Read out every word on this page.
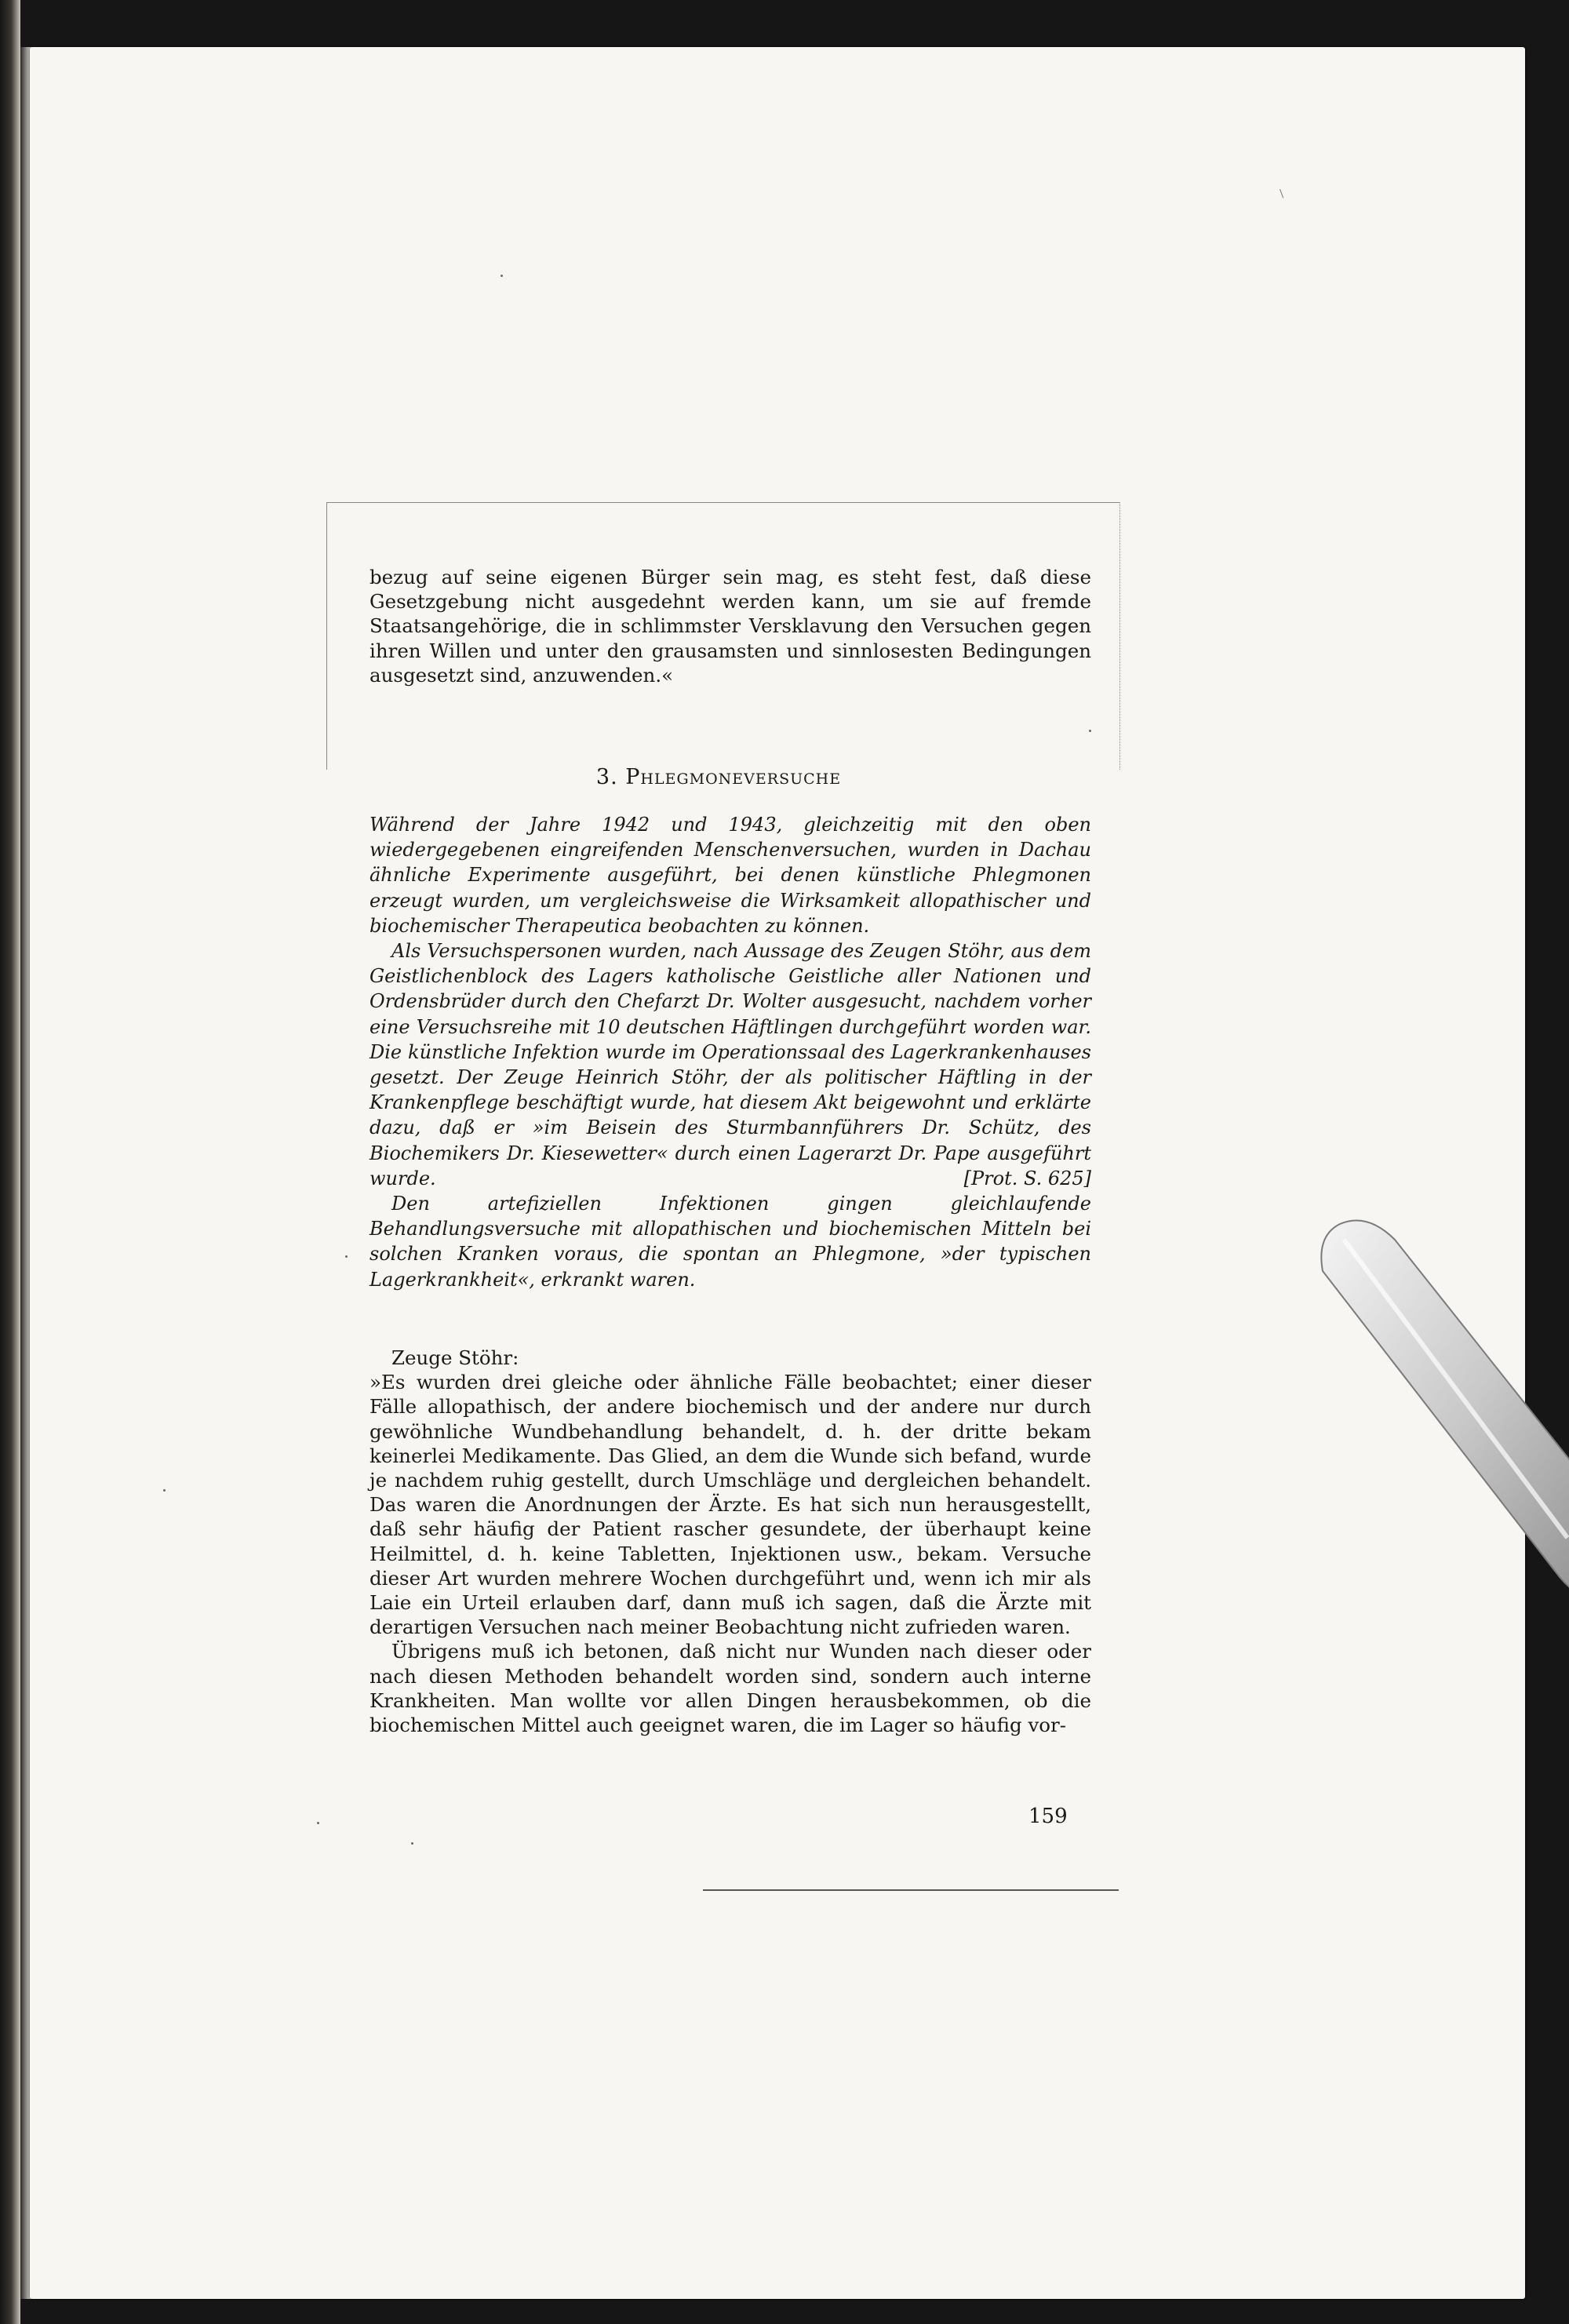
bezug auf seine eigenen Bürger sein mag, es steht fest, daß diese Gesetzgebung nicht ausgedehnt werden kann, um sie auf fremde Staatsangehörige, die in schlimmster Versklavung den Versuchen gegen ihren Willen und unter den grausamsten und sinnlosesten Bedingungen ausgesetzt sind, anzuwenden.«

3. Phlegmoneversuche

Während der Jahre 1942 und 1943, gleichzeitig mit den oben wiedergegebenen eingreifenden Menschenversuchen, wurden in Dachau ähnliche Experimente ausgeführt, bei denen künstliche Phlegmonen erzeugt wurden, um vergleichsweise die Wirksamkeit allopathischer und biochemischer Therapeutica beobachten zu können.

Als Versuchspersonen wurden, nach Aussage des Zeugen Stöhr, aus dem Geistlichenblock des Lagers katholische Geistliche aller Nationen und Ordensbrüder durch den Chefarzt Dr. Wolter ausgesucht, nachdem vorher eine Versuchsreihe mit 10 deutschen Häftlingen durchgeführt worden war. Die künstliche Infektion wurde im Operationssaal des Lagerkrankenhauses gesetzt. Der Zeuge Heinrich Stöhr, der als politischer Häftling in der Krankenpflege beschäftigt wurde, hat diesem Akt beigewohnt und erklärte dazu, daß er »im Beisein des Sturmbannführers Dr. Schütz, des Biochemikers Dr. Kiesewetter« durch einen Lagerarzt Dr. Pape ausgeführt wurde.	[Prot. S. 625]

Den artefiziellen Infektionen gingen gleichlaufende Behandlungsversuche mit allopathischen und biochemischen Mitteln bei solchen Kranken voraus, die spontan an Phlegmone, »der typischen Lagerkrankheit«, erkrankt waren.

Zeuge Stöhr:

»Es wurden drei gleiche oder ähnliche Fälle beobachtet; einer dieser Fälle allopathisch, der andere biochemisch und der andere nur durch gewöhnliche Wundbehandlung behandelt, d. h. der dritte bekam keinerlei Medikamente. Das Glied, an dem die Wunde sich befand, wurde je nachdem ruhig gestellt, durch Umschläge und dergleichen behandelt. Das waren die Anordnungen der Ärzte. Es hat sich nun herausgestellt, daß sehr häufig der Patient rascher gesundete, der überhaupt keine Heilmittel, d. h. keine Tabletten, Injektionen usw., bekam. Versuche dieser Art wurden mehrere Wochen durchgeführt und, wenn ich mir als Laie ein Urteil erlauben darf, dann muß ich sagen, daß die Ärzte mit derartigen Versuchen nach meiner Beobachtung nicht zufrieden waren.

Übrigens muß ich betonen, daß nicht nur Wunden nach dieser oder nach diesen Methoden behandelt worden sind, sondern auch interne Krankheiten. Man wollte vor allen Dingen herausbekommen, ob die biochemischen Mittel auch geeignet waren, die im Lager so häufig vor-

159
